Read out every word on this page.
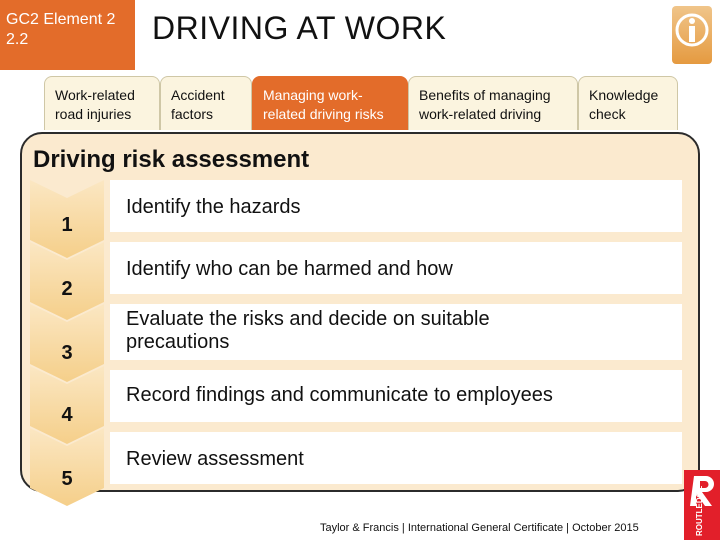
GC2 Element 2
2.2	DRIVING AT WORK
Work-related
road injuries
Accident
factors
Managing work-
related driving risks
Benefits of managing
work-related driving
Knowledge
check
Driving risk assessment
1
2
3
4
5
Identify the hazards
Identify who can be harmed and how
Evaluate the risks and decide on suitable
precautions
Record findings and communicate to employees
Review assessment
ROUTLEDGE
Taylor & Francis | International General Certificate | October 2015
